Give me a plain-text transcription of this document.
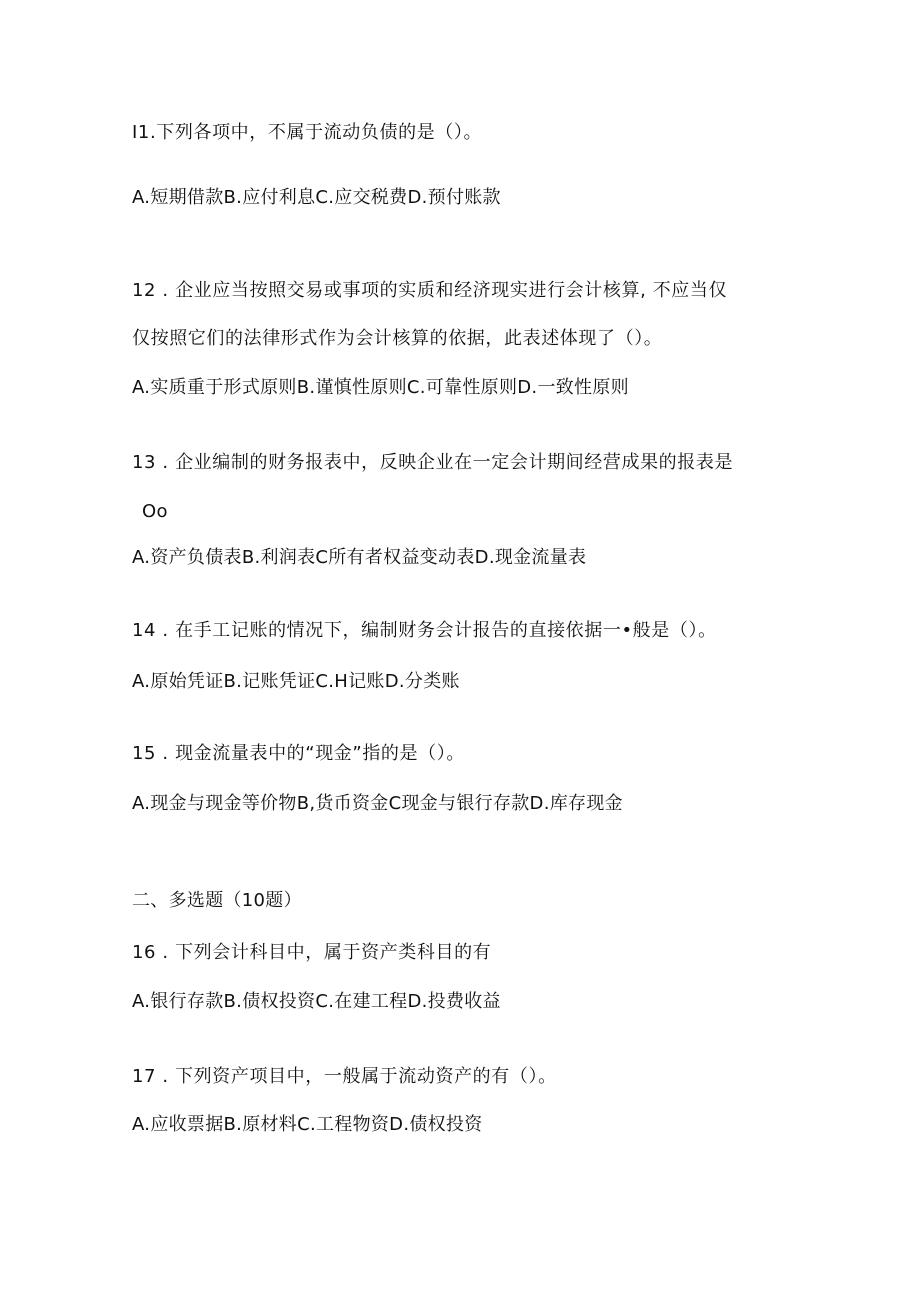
I1.下列各项中，不属于流动负债的是（）。
A.短期借款B.应付利息C.应交税费D.预付账款
12 . 企业应当按照交易或事项的实质和经济现实进行会计核算, 不应当仅
仅按照它们的法律形式作为会计核算的依据，此表述体现了（）。
A.实质重于形式原则B.谨慎性原则C.可靠性原则D.一致性原则
13 . 企业编制的财务报表中，反映企业在一定会计期间经营成果的报表是
Oo
A.资产负债表B.利润表C所有者权益变动表D.现金流量表
14 . 在手工记账的情况下，编制财务会计报告的直接依据一•般是（）。
A.原始凭证B.记账凭证C.H记账D.分类账
15 . 现金流量表中的“现金”指的是（）。
A.现金与现金等价物B,货币资金C现金与银行存款D.库存现金
二、多选题（10题）
16 . 下列会计科目中，属于资产类科目的有
A.银行存款B.债权投资C.在建工程D.投费收益
17 . 下列资产项目中，一般属于流动资产的有（）。
A.应收票据B.原材料C.工程物资D.债权投资
